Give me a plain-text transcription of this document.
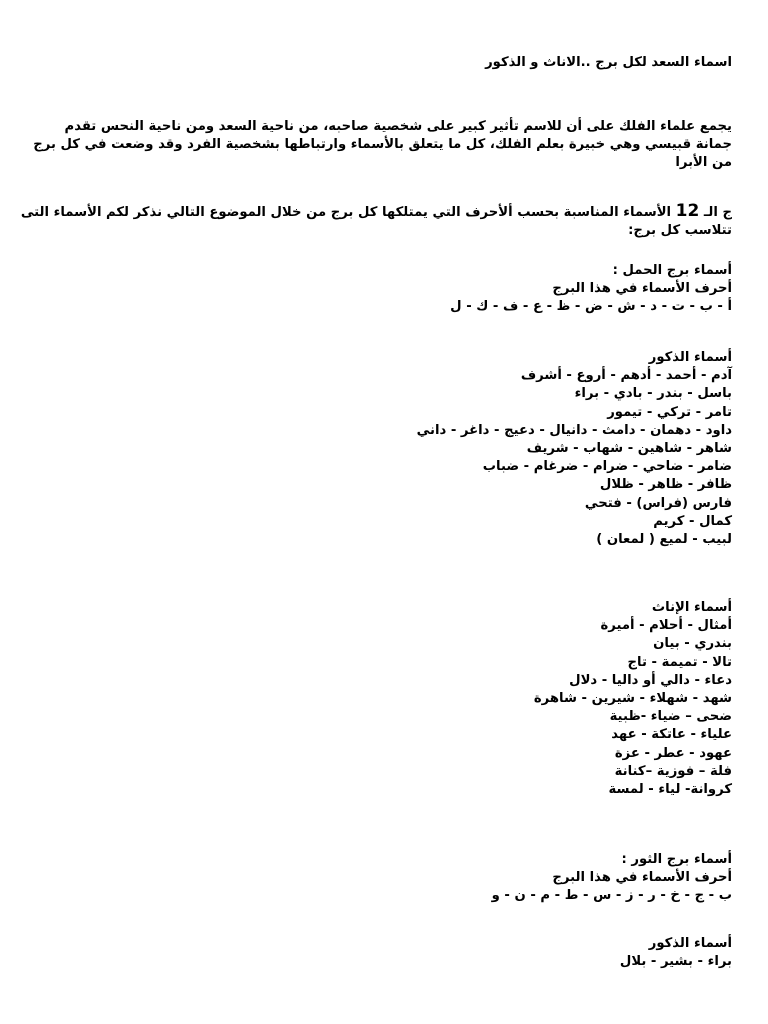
اسماء السعد لكل برج ..الاناث و الذكور

يجمع علماء الفلك على أن للاسم تأثير كبير على شخصية صاحبه، من ناحية السعد ومن ناحية النحس تقدم
جمانة قبيسي وهي خبيرة بعلم الفلك، كل ما يتعلق بالأسماء وارتباطها بشخصية الفرد وقد وضعت في كل برج
من الأبرا

ج الـ 12 الأسماء المناسبة بحسب ألأحرف التي يمتلكها كل برج من خلال الموضوع التالي نذكر لكم الأسماء التى
تتلاسب كل برج:

أسماء برج الحمل :
أحرف الأسماء في هذا البرج
أ - ب - ت - د - ش - ض - ظ - ع - ف - ك - ل
أسماء الذكور
آدم - أحمد - أدهم - أروع - أشرف
باسل - بندر - بادي - براء
تامر - تركي - تيمور
داود - دهمان - دامث - دانيال - دعيج - داغر - داني
شاهر - شاهين - شهاب - شريف
ضامر - ضاحي - ضرام - ضرغام - ضباب
ظافر - ظاهر - ظلال
فارس (فراس) - فتحي
كمال - كريم
لبيب - لميع ( لمعان )
أسماء الإناث
أمثال - أحلام - أميرة
بندري - بيان
تالا - تميمة - تاج
دعاء - دالي أو داليا - دلال
شهد - شهلاء - شيرين - شاهرة
ضحى – ضياء -ظبية
علياء - عاتكة - عهد
عهود - عطر - عزة
فلة – فوزية –كنانة
كروانة- لياء - لمسة
أسماء برج الثور :
أحرف الأسماء في هذا البرج
ب - ج - خ - ر - ز - س - ط - م - ن - و
أسماء الذكور
براء - بشير - بلال
